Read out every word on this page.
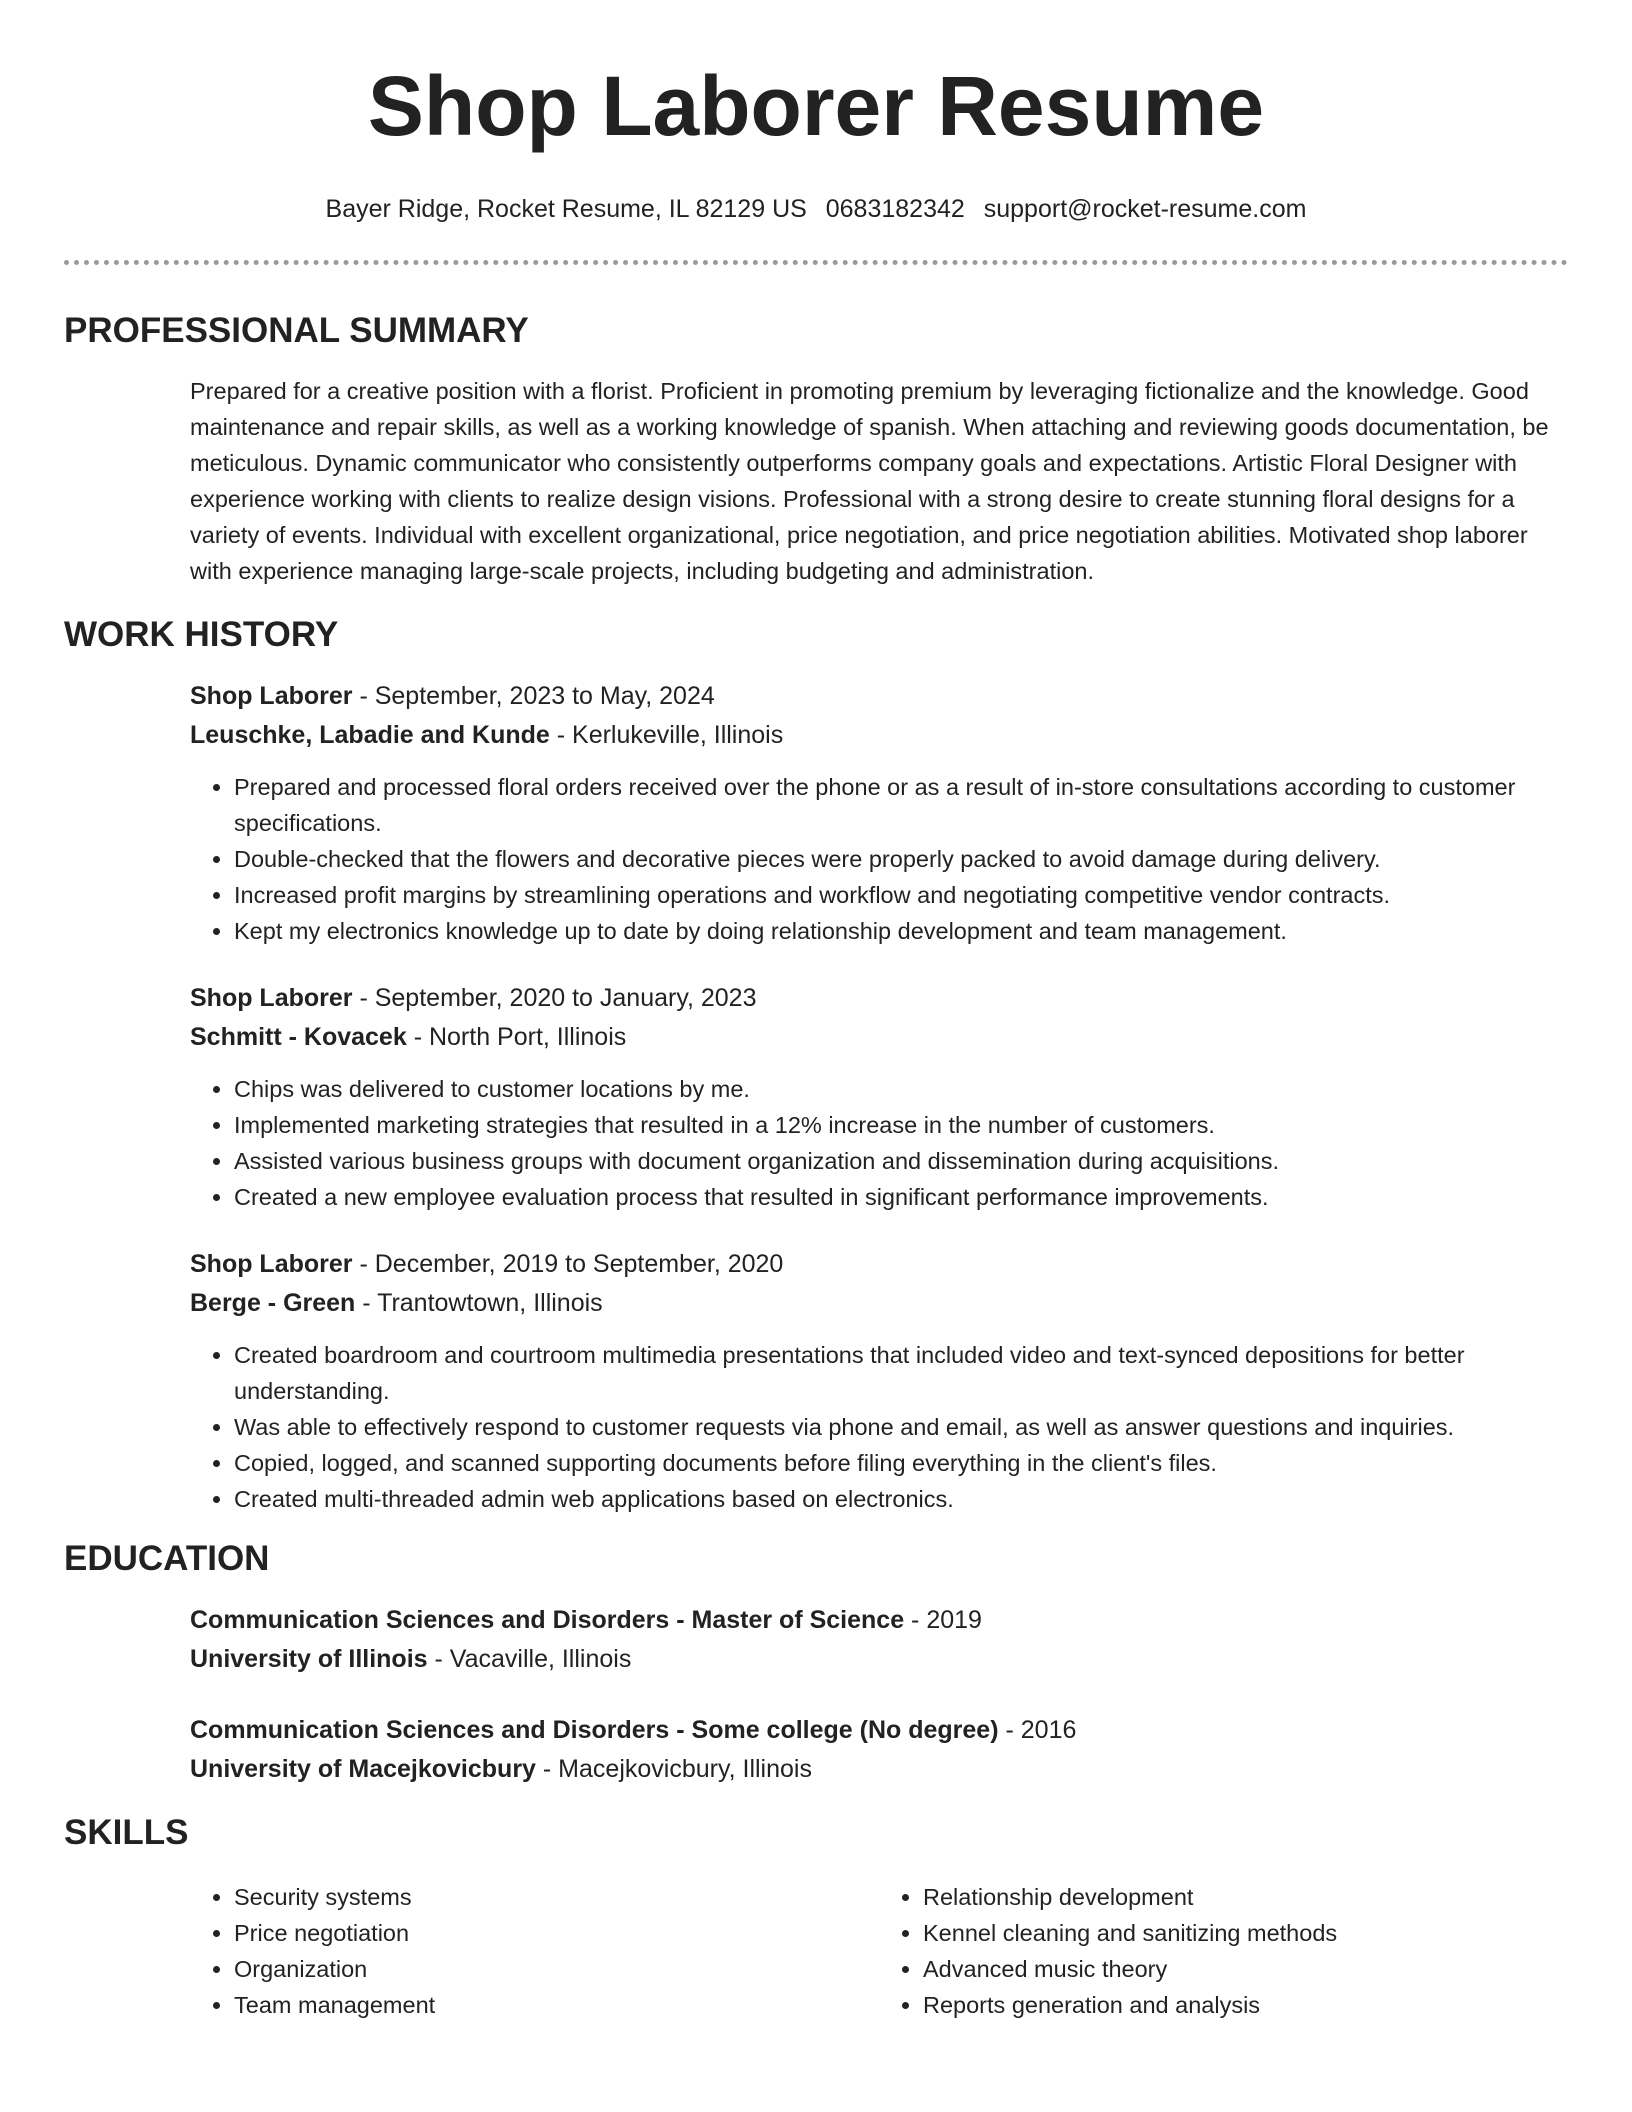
Shop Laborer Resume
Bayer Ridge, Rocket Resume, IL 82129 US 0683182342 support@rocket-resume.com
PROFESSIONAL SUMMARY

Prepared for a creative position with a florist. Proficient in promoting premium by leveraging fictionalize and the knowledge. Good maintenance and repair skills, as well as a working knowledge of spanish. When attaching and reviewing goods documentation, be meticulous. Dynamic communicator who consistently outperforms company goals and expectations. Artistic Floral Designer with experience working with clients to realize design visions. Professional with a strong desire to create stunning floral designs for a variety of events. Individual with excellent organizational, price negotiation, and price negotiation abilities. Motivated shop laborer with experience managing large-scale projects, including budgeting and administration.

WORK HISTORY
Shop Laborer - September, 2023 to May, 2024
Leuschke, Labadie and Kunde - Kerlukeville, Illinois
• Prepared and processed floral orders received over the phone or as a result of in-store consultations according to customer specifications.
• Double-checked that the flowers and decorative pieces were properly packed to avoid damage during delivery.
• Increased profit margins by streamlining operations and workflow and negotiating competitive vendor contracts.
• Kept my electronics knowledge up to date by doing relationship development and team management.
Shop Laborer - September, 2020 to January, 2023
Schmitt - Kovacek - North Port, Illinois
• Chips was delivered to customer locations by me.
• Implemented marketing strategies that resulted in a 12% increase in the number of customers.
• Assisted various business groups with document organization and dissemination during acquisitions.
• Created a new employee evaluation process that resulted in significant performance improvements.
Shop Laborer - December, 2019 to September, 2020
Berge - Green - Trantowtown, Illinois
• Created boardroom and courtroom multimedia presentations that included video and text-synced depositions for better understanding.
• Was able to effectively respond to customer requests via phone and email, as well as answer questions and inquiries.
• Copied, logged, and scanned supporting documents before filing everything in the client's files.
• Created multi-threaded admin web applications based on electronics.
EDUCATION
Communication Sciences and Disorders - Master of Science - 2019
University of Illinois - Vacaville, Illinois
Communication Sciences and Disorders - Some college (No degree) - 2016
University of Macejkovicbury - Macejkovicbury, Illinois
SKILLS
• Security systems
• Price negotiation
• Organization
• Team management
• Relationship development
• Kennel cleaning and sanitizing methods
• Advanced music theory
• Reports generation and analysis
